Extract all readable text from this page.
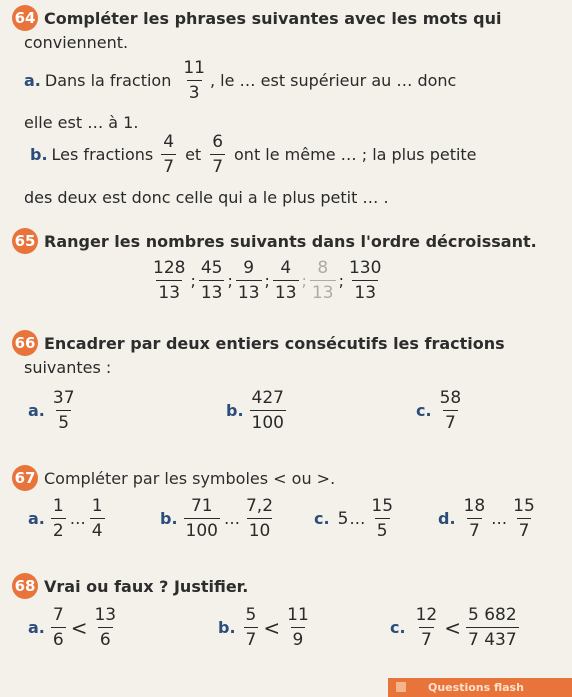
64 Compléter les phrases suivantes avec les mots qui
conviennent.
a. Dans la fraction $\frac{11}{3}$ , le … est supérieur au … donc
elle est … à 1.
b. Les fractions $\frac{4}{7}$ et $\frac{6}{7}$ ont le même … ; la plus petite
des deux est donc celle qui a le plus petit … .
65 Ranger les nombres suivants dans l'ordre décroissant.
$\frac{128}{13}$ ; $\frac{45}{13}$ ; $\frac{9}{13}$ ; $\frac{4}{13}$ ; $\frac{8}{13}$ ; $\frac{130}{13}$
66 Encadrer par deux entiers consécutifs les fractions
suivantes :
a. $\frac{37}{5}$	b. $\frac{427}{100}$	c. $\frac{58}{7}$
67 Compléter par les symboles < ou >.
a. $\frac{1}{2}$ … $\frac{1}{4}$	b. $\frac{71}{100}$ … $\frac{7,2}{10} c$. 5 … $\frac{15}{5}$	d. $\frac{18}{7}$ … $\frac{15}{7}$
68 Vrai ou faux ? Justifier.
a. $\frac{7}{6} < \frac{13}{6}$	b. $\frac{5}{7} < \frac{11}{9}$	c. $\frac{12}{7} < \frac{5 682}{7 437}$
Questions flash
